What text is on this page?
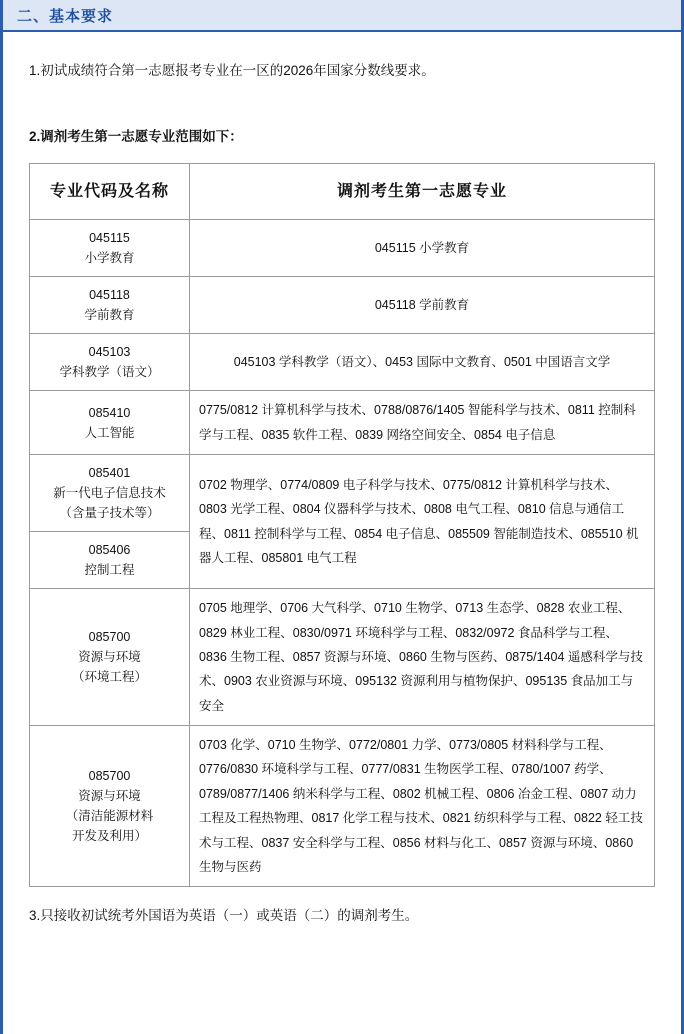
二、基本要求

1.初试成绩符合第一志愿报考专业在一区的2026年国家分数线要求。

2.调剂考生第一志愿专业范围如下：

专业代码及名称	调剂考生第一志愿专业
045115
小学教育	045115 小学教育
045118
学前教育	045118 学前教育
045103
学科教学（语文）	045103 学科教学（语文）、0453 国际中文教育、0501 中国语言文学
085410
人工智能	0775/0812 计算机科学与技术、0788/0876/1405 智能科学与技术、0811 控制科学与工程、0835 软件工程、0839 网络空间安全、0854 电子信息
085401
新一代电子信息技术
（含量子技术等）	0702 物理学、0774/0809 电子科学与技术、0775/0812 计算机科学与技术、0803 光学工程、0804 仪器科学与技术、0808 电气工程、0810 信息与通信工程、0811 控制科学与工程、0854 电子信息、085509 智能制造技术、085510 机器人工程、085801 电气工程
085406
控制工程	
085700
资源与环境
（环境工程）	0705 地理学、0706 大气科学、0710 生物学、0713 生态学、0828 农业工程、0829 林业工程、0830/0971 环境科学与工程、0832/0972 食品科学与工程、0836 生物工程、0857 资源与环境、0860 生物与医药、0875/1404 遥感科学与技术、0903 农业资源与环境、095132 资源利用与植物保护、095135 食品加工与安全
085700
资源与环境
（清洁能源材料
开发及利用）	0703 化学、0710 生物学、0772/0801 力学、0773/0805 材料科学与工程、0776/0830 环境科学与工程、0777/0831 生物医学工程、0780/1007 药学、0789/0877/1406 纳米科学与工程、0802 机械工程、0806 冶金工程、0807 动力工程及工程热物理、0817 化学工程与技术、0821 纺织科学与工程、0822 轻工技术与工程、0837 安全科学与工程、0856 材料与化工、0857 资源与环境、0860 生物与医药

3.只接收初试统考外国语为英语（一）或英语（二）的调剂考生。
